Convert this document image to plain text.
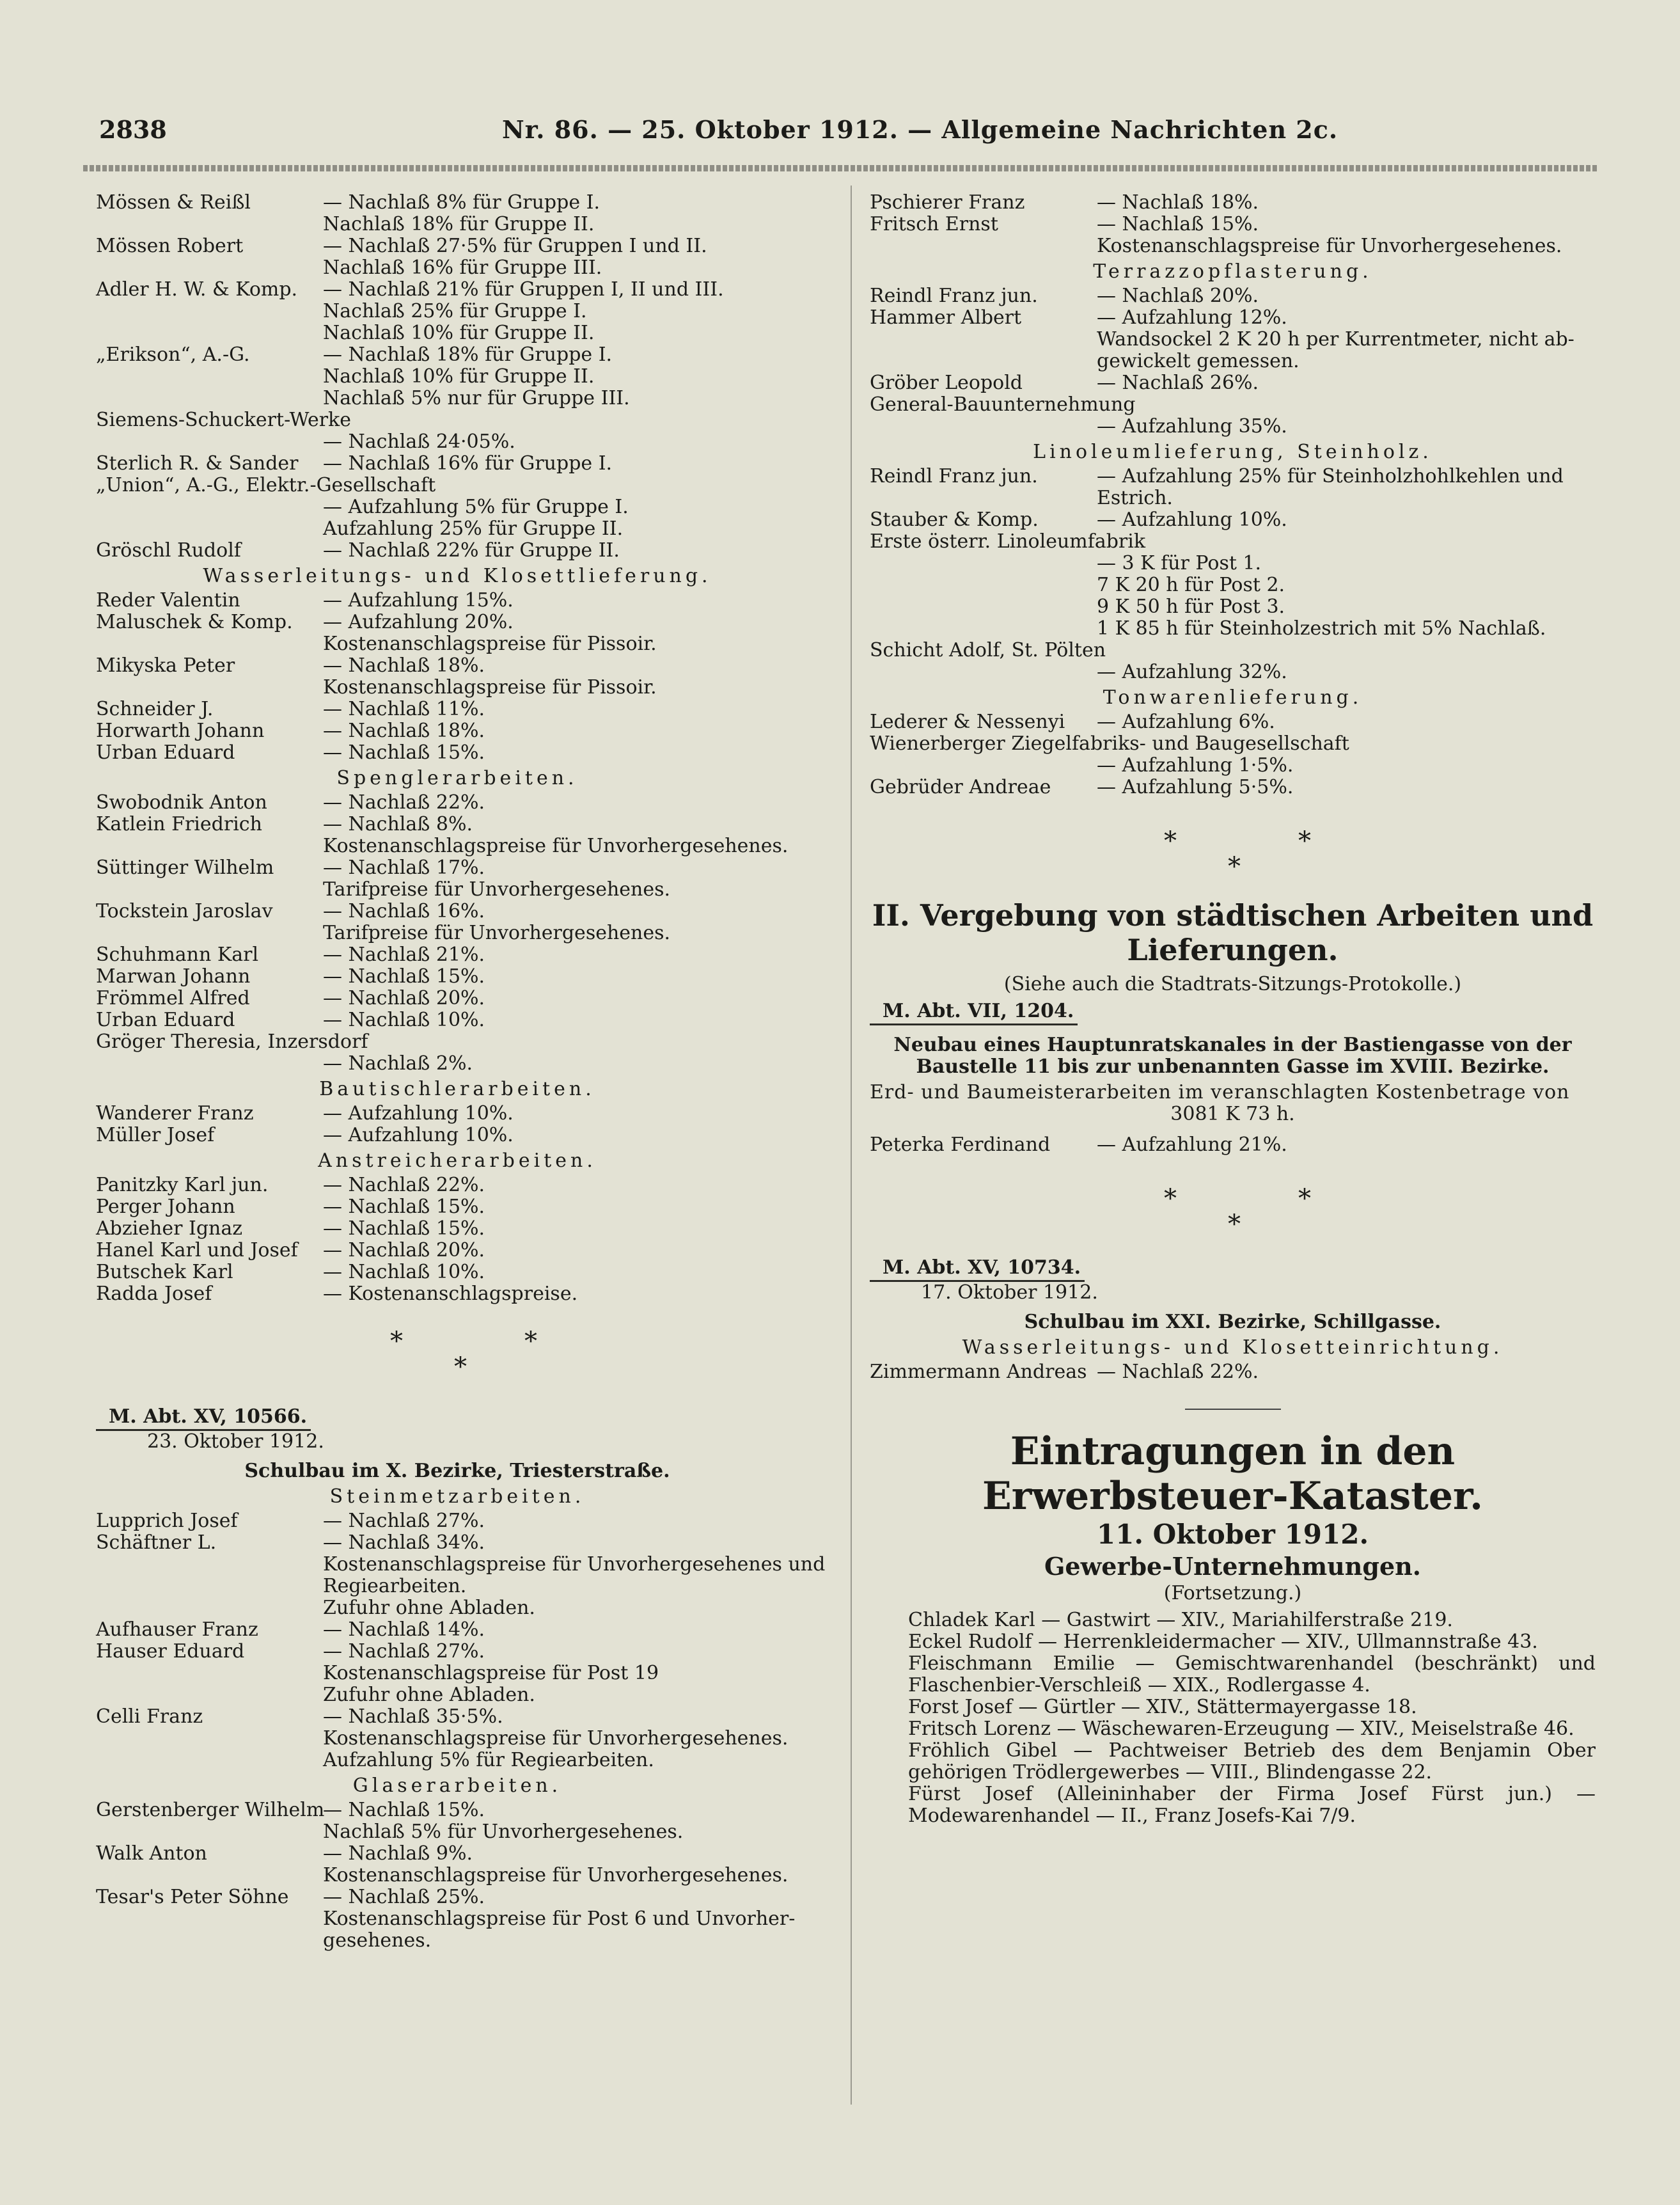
2838	Nr. 86. — 25. Oktober 1912. — Allgemeine Nachrichten 2c.
Mössen & Reißl	— Nachlaß 8% für Gruppe I.
Nachlaß 18% für Gruppe II.
Mössen Robert	— Nachlaß 27·5% für Gruppen I und II.
Nachlaß 16% für Gruppe III.
Adler H. W. & Komp.	— Nachlaß 21% für Gruppen I, II und III.
Nachlaß 25% für Gruppe I.
Nachlaß 10% für Gruppe II.
„Erikson“, A.-G.	— Nachlaß 18% für Gruppe I.
Nachlaß 10% für Gruppe II.
Nachlaß 5% nur für Gruppe III.
Siemens-Schuckert-Werke
— Nachlaß 24·05%.
Sterlich R. & Sander	— Nachlaß 16% für Gruppe I.
„Union“, A.-G., Elektr.-Gesellschaft
— Aufzahlung 5% für Gruppe I.
Aufzahlung 25% für Gruppe II.
Gröschl Rudolf	— Nachlaß 22% für Gruppe II.
Wasserleitungs- und Klosettlieferung.
Reder Valentin	— Aufzahlung 15%.
Maluschek & Komp.	— Aufzahlung 20%.
Kostenanschlagspreise für Pissoir.
Mikyska Peter	— Nachlaß 18%.
Kostenanschlagspreise für Pissoir.
Schneider J.	— Nachlaß 11%.
Horwarth Johann	— Nachlaß 18%.
Urban Eduard	— Nachlaß 15%.
Spenglerarbeiten.
Swobodnik Anton	— Nachlaß 22%.
Katlein Friedrich	— Nachlaß 8%.
Kostenanschlagspreise für Unvorhergesehenes.
Süttinger Wilhelm	— Nachlaß 17%.
Tarifpreise für Unvorhergesehenes.
Tockstein Jaroslav	— Nachlaß 16%.
Tarifpreise für Unvorhergesehenes.
Schuhmann Karl	— Nachlaß 21%.
Marwan Johann	— Nachlaß 15%.
Frömmel Alfred	— Nachlaß 20%.
Urban Eduard	— Nachlaß 10%.
Gröger Theresia, Inzersdorf
— Nachlaß 2%.
Bautischlerarbeiten.
Wanderer Franz	— Aufzahlung 10%.
Müller Josef	— Aufzahlung 10%.
Anstreicherarbeiten.
Panitzky Karl jun.	— Nachlaß 22%.
Perger Johann	— Nachlaß 15%.
Abzieher Ignaz	— Nachlaß 15%.
Hanel Karl und Josef	— Nachlaß 20%.
Butschek Karl	— Nachlaß 10%.
Radda Josef	— Kostenanschlagspreise.
*	*
*
M. Abt. XV, 10566.
23. Oktober 1912.
Schulbau im X. Bezirke, Triesterstraße.
Steinmetzarbeiten.
Lupprich Josef	— Nachlaß 27%.
Schäftner L.	— Nachlaß 34%.
Kostenanschlagspreise für Unvorhergesehenes und
Regiearbeiten.
Zufuhr ohne Abladen.
Aufhauser Franz	— Nachlaß 14%.
Hauser Eduard	— Nachlaß 27%.
Kostenanschlagspreise für Post 19
Zufuhr ohne Abladen.
Celli Franz	— Nachlaß 35·5%.
Kostenanschlagspreise für Unvorhergesehenes.
Aufzahlung 5% für Regiearbeiten.
Glaserarbeiten.
Gerstenberger Wilhelm
— Nachlaß 15%.
Nachlaß 5% für Unvorhergesehenes.
Walk Anton	— Nachlaß 9%.
Kostenanschlagspreise für Unvorhergesehenes.
Tesar's Peter Söhne	— Nachlaß 25%.
Kostenanschlagspreise für Post 6 und Unvorher-
gesehenes.
Pschierer Franz	— Nachlaß 18%.
Fritsch Ernst	— Nachlaß 15%.
Kostenanschlagspreise für Unvorhergesehenes.
Terrazzopflasterung.
Reindl Franz jun.	— Nachlaß 20%.
Hammer Albert	— Aufzahlung 12%.
Wandsockel 2 K 20 h per Kurrentmeter, nicht ab-
gewickelt gemessen.
Gröber Leopold	— Nachlaß 26%.
General-Bauunternehmung
— Aufzahlung 35%.
Linoleumlieferung, Steinholz.
Reindl Franz jun.	— Aufzahlung 25% für Steinholzhohlkehlen und
Estrich.
Stauber & Komp.	— Aufzahlung 10%.
Erste österr. Linoleumfabrik
— 3 K für Post 1.
7 K 20 h für Post 2.
9 K 50 h für Post 3.
1 K 85 h für Steinholzestrich mit 5% Nachlaß.
Schicht Adolf, St. Pölten
— Aufzahlung 32%.
Tonwarenlieferung.
Lederer & Nessenyi	— Aufzahlung 6%.
Wienerberger Ziegelfabriks- und Baugesellschaft
— Aufzahlung 1·5%.
Gebrüder Andreae	— Aufzahlung 5·5%.
*	*
*
II. Vergebung von städtischen Arbeiten und Lieferungen.
(Siehe auch die Stadtrats-Sitzungs-Protokolle.)
M. Abt. VII, 1204.
Neubau eines Hauptunratskanales in der Bastiengasse von der Baustelle 11 bis zur unbenannten Gasse im XVIII. Bezirke.
Erd- und Baumeisterarbeiten im veranschlagten Kostenbetrage von
3081 K 73 h.
Peterka Ferdinand	— Aufzahlung 21%.
*	*
*
M. Abt. XV, 10734.
17. Oktober 1912.
Schulbau im XXI. Bezirke, Schillgasse.
Wasserleitungs- und Klosetteinrichtung.
Zimmermann Andreas — Nachlaß 22%.
Eintragungen in den Erwerbsteuer-Kataster.
11. Oktober 1912.
Gewerbe-Unternehmungen.
(Fortsetzung.)
Chladek Karl — Gastwirt — XIV., Mariahilferstraße 219.
Eckel Rudolf — Herrenkleidermacher — XIV., Ullmannstraße 43.
Fleischmann Emilie — Gemischtwarenhandel (beschränkt) und Flaschenbier-Verschleiß — XIX., Rodlergasse 4.
Forst Josef — Gürtler — XIV., Stättermayergasse 18.
Fritsch Lorenz — Wäschewaren-Erzeugung — XIV., Meiselstraße 46.
Fröhlich Gibel — Pachtweiser Betrieb des dem Benjamin Ober gehörigen Trödlergewerbes — VIII., Blindengasse 22.
Fürst Josef (Alleininhaber der Firma Josef Fürst jun.) — Modewarenhandel — II., Franz Josefs-Kai 7/9.
